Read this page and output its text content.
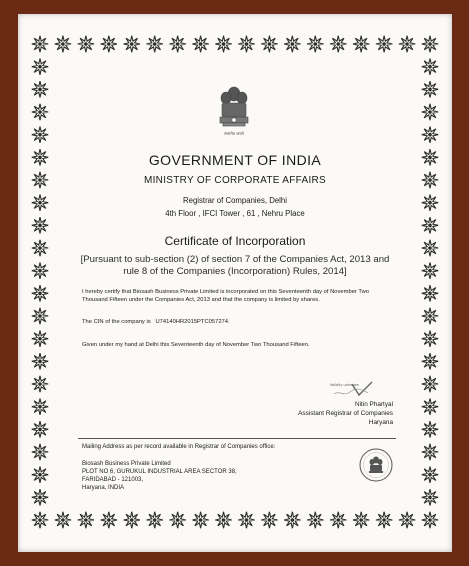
सत्यमेव जयते
GOVERNMENT OF INDIA
MINISTRY OF CORPORATE AFFAIRS
Registrar of Companies, Delhi
4th Floor , IFCI Tower , 61 , Nehru Place
Certificate of Incorporation
[Pursuant to sub-section (2) of section 7 of the Companies Act, 2013 and
rule 8 of the Companies (Incorporation) Rules, 2014]
I hereby certify that Biosash Business Private Limited is incorporated on this Seventeenth day of November Two Thousand Fifteen under the Companies Act, 2013 and that the company is limited by shares.
The CIN of the company is U74140HR2015PTC057274.
Given under my hand at Delhi this Seventeenth day of November Two Thousand Fifteen.
Validity unknown
Nitin Phartyal
Assistant Registrar of Companies
Haryana
Mailing Address as per record available in Registrar of Companies office:
Biosash Business Private Limited
PLOT NO 6, GURUKUL INDUSTRIAL AREA SECTOR 38,
FARIDABAD - 121003,
Haryana, INDIA
